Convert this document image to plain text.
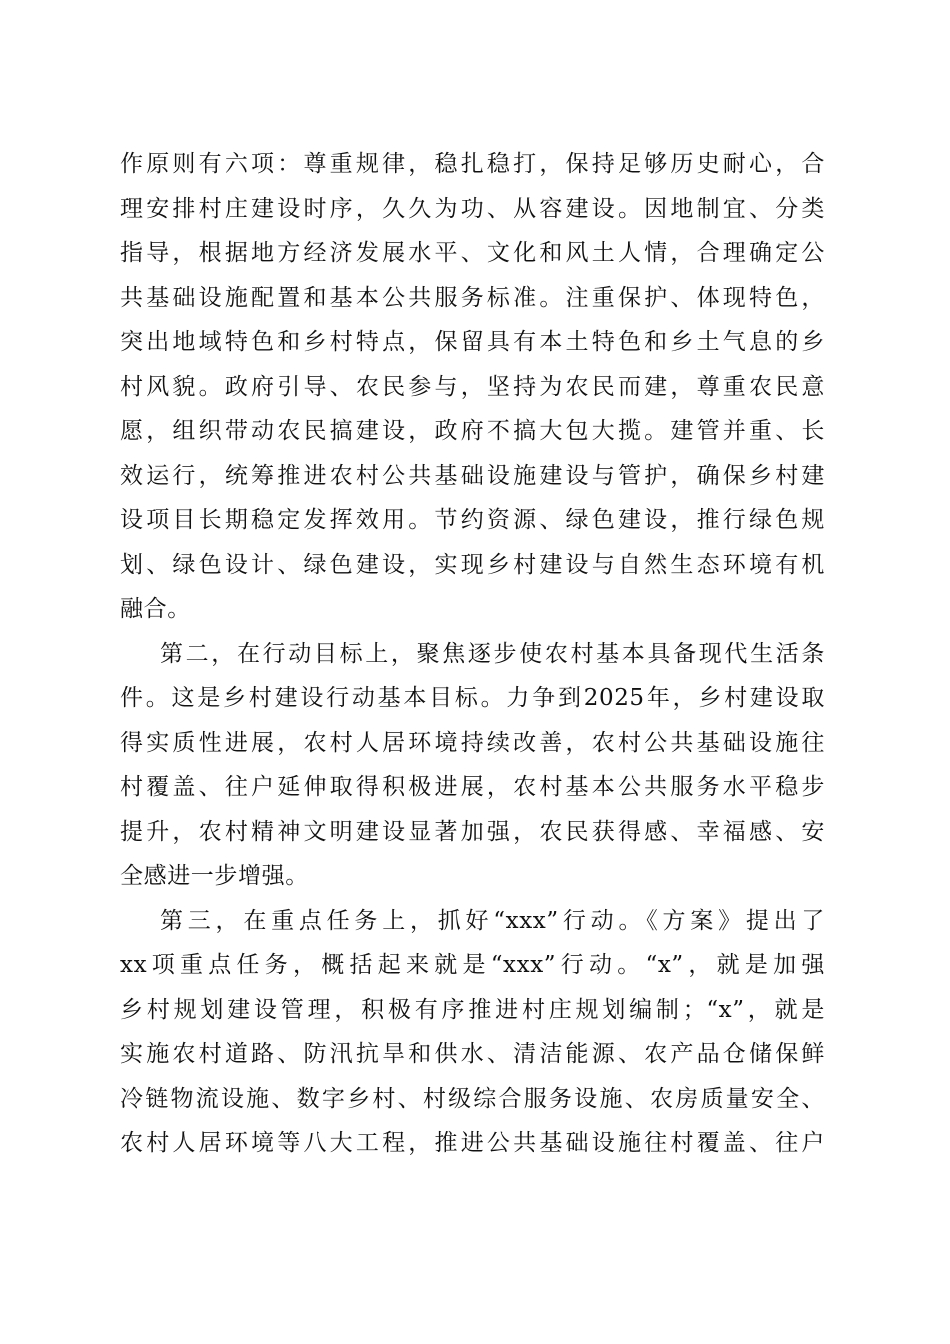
作原则有六项：尊重规律，稳扎稳打，保持足够历史耐心，合
理安排村庄建设时序，久久为功、从容建设。因地制宜、分类
指导，根据地方经济发展水平、文化和风土人情，合理确定公
共基础设施配置和基本公共服务标准。注重保护、体现特色，
突出地域特色和乡村特点，保留具有本土特色和乡土气息的乡
村风貌。政府引导、农民参与，坚持为农民而建，尊重农民意
愿，组织带动农民搞建设，政府不搞大包大揽。建管并重、长
效运行，统筹推进农村公共基础设施建设与管护，确保乡村建
设项目长期稳定发挥效用。节约资源、绿色建设，推行绿色规
划、绿色设计、绿色建设，实现乡村建设与自然生态环境有机
融合。
第二，在行动目标上，聚焦逐步使农村基本具备现代生活条
件。这是乡村建设行动基本目标。力争到2025年，乡村建设取
得实质性进展，农村人居环境持续改善，农村公共基础设施往
村覆盖、往户延伸取得积极进展，农村基本公共服务水平稳步
提升，农村精神文明建设显著加强，农民获得感、幸福感、安
全感进一步增强。
第三，在重点任务上，抓好“xxx”行动。《方案》提出了
xx项重点任务，概括起来就是“xxx”行动。“x”，就是加强
乡村规划建设管理，积极有序推进村庄规划编制；“x”，就是
实施农村道路、防汛抗旱和供水、清洁能源、农产品仓储保鲜
冷链物流设施、数字乡村、村级综合服务设施、农房质量安全、
农村人居环境等八大工程，推进公共基础设施往村覆盖、往户
